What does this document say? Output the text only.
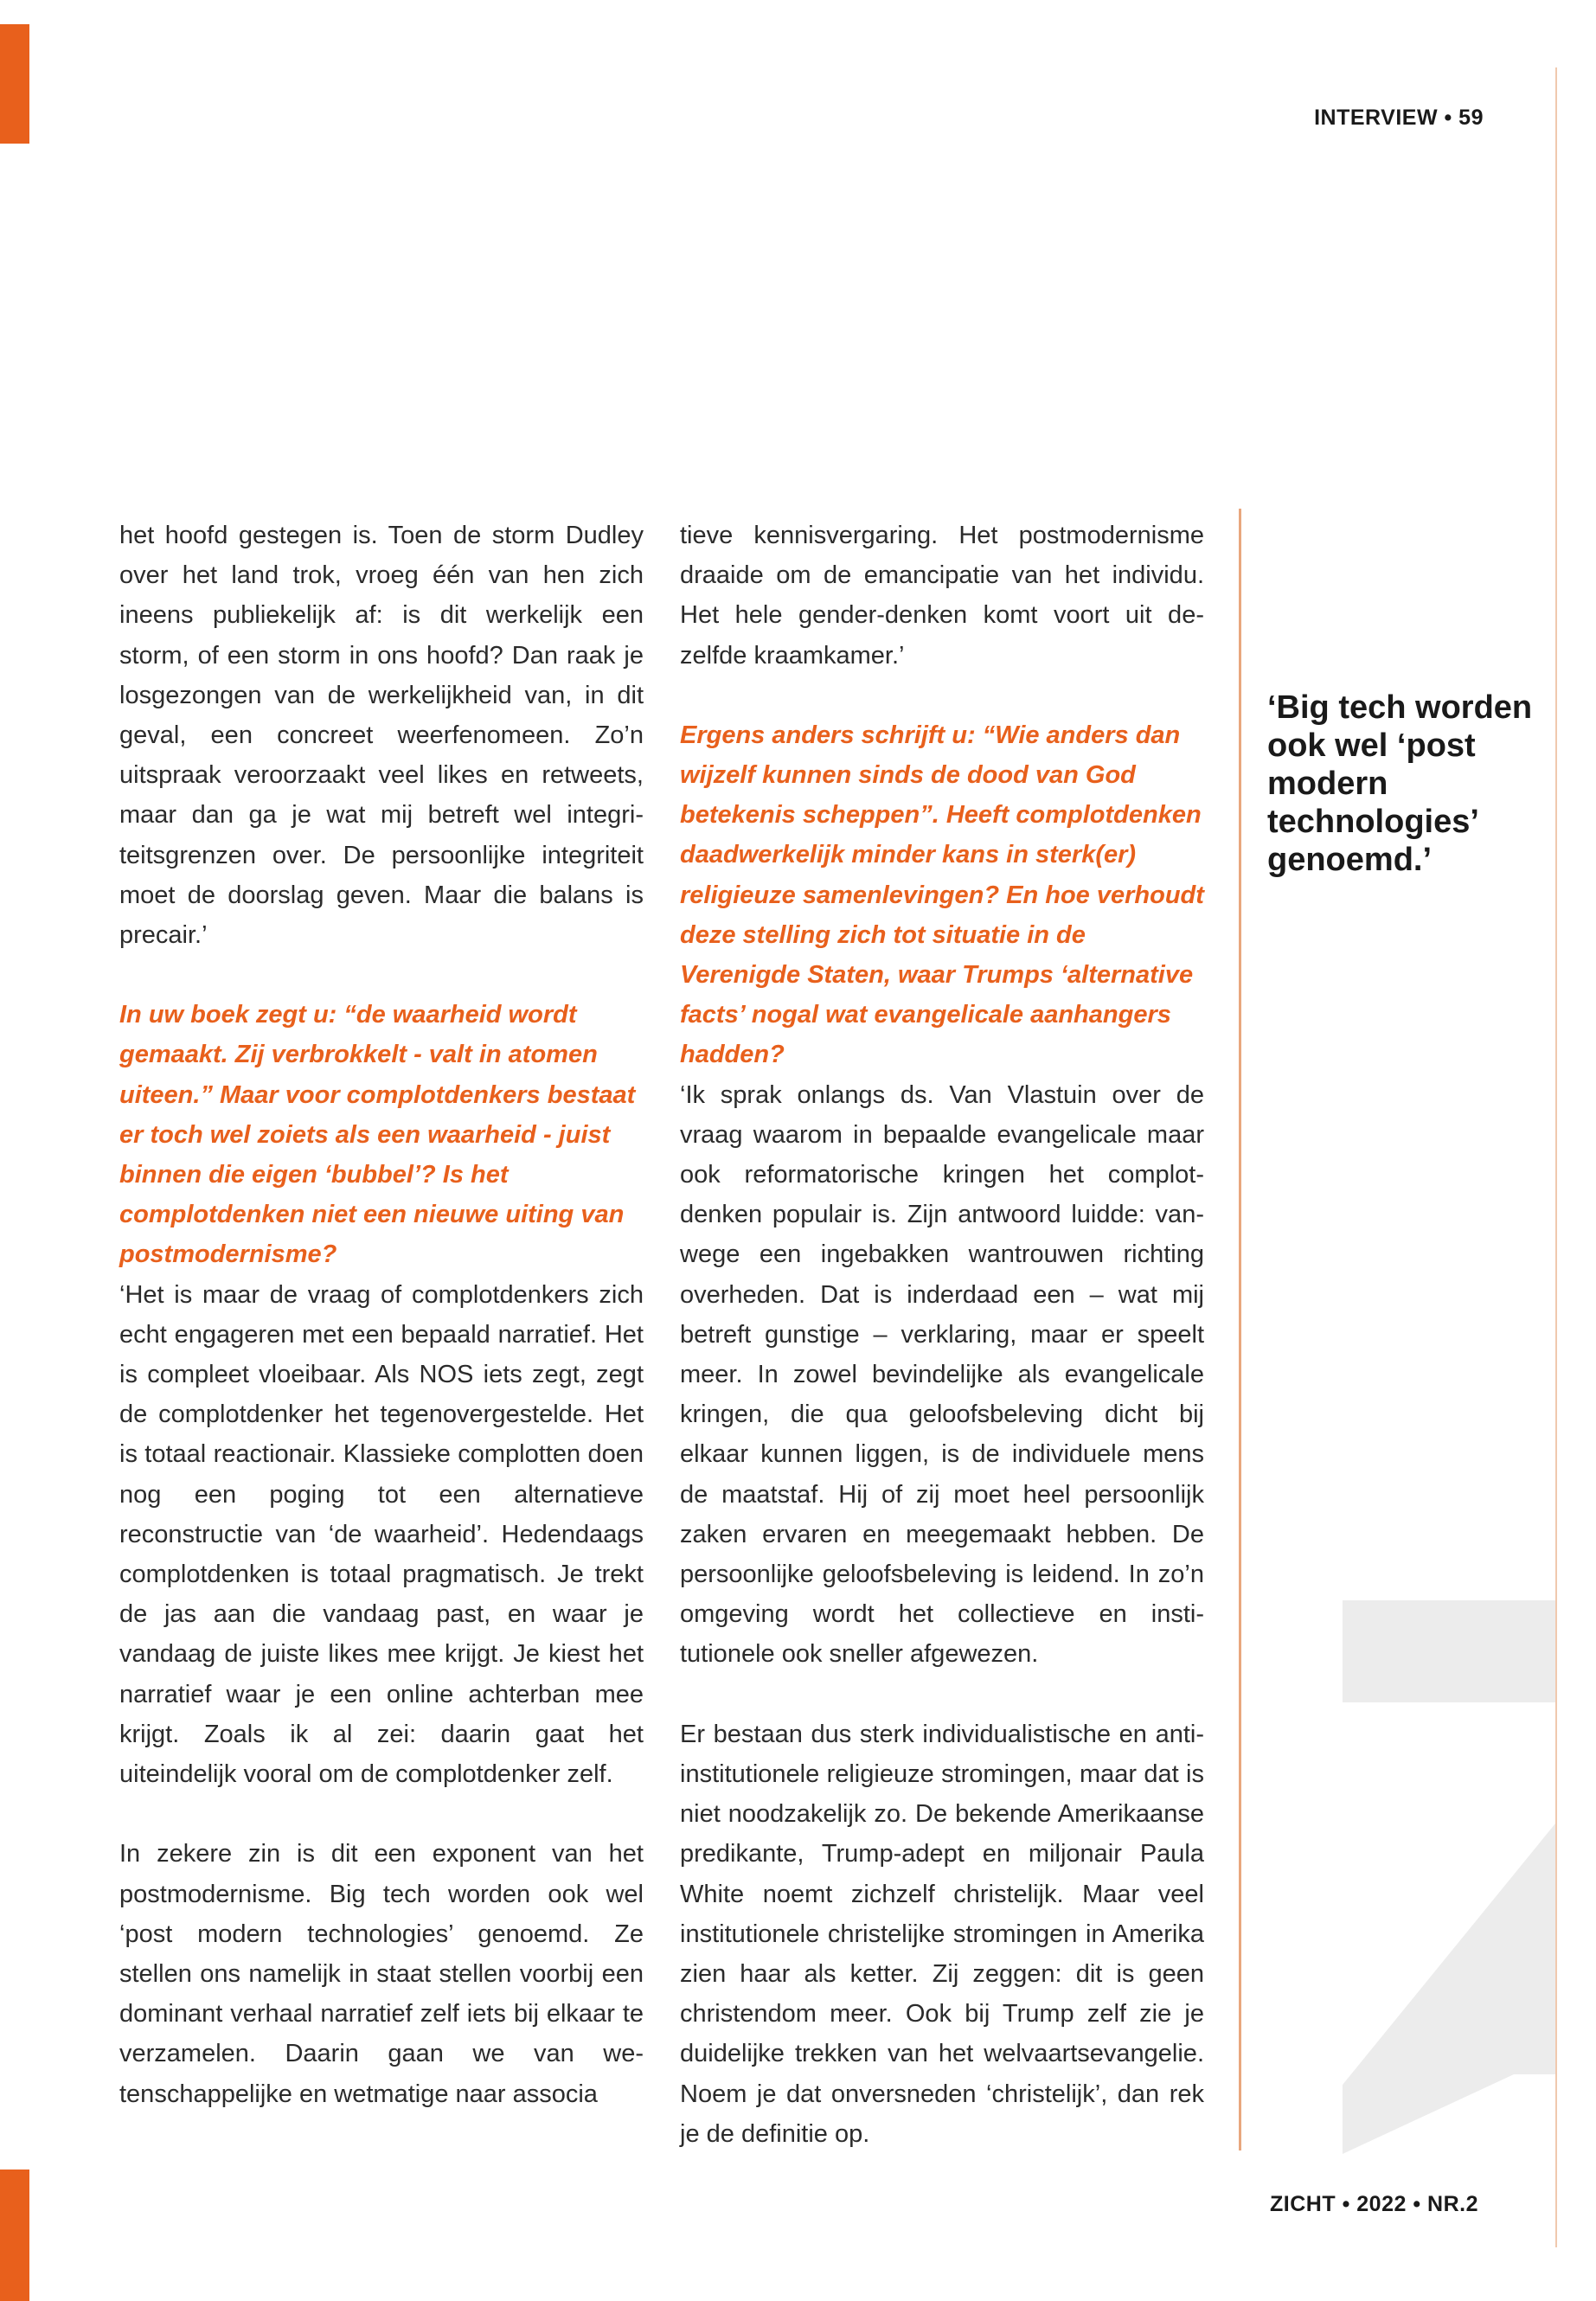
INTERVIEW • 59

het hoofd gestegen is. Toen de storm Dudley over het land trok, vroeg één van hen zich ineens publiekelijk af: is dit werkelijk een storm, of een storm in ons hoofd? Dan raak je losgezongen van de werkelijkheid van, in dit geval, een concreet weerfenomeen. Zo’n uitspraak veroorzaakt veel likes en retweets, maar dan ga je wat mij betreft wel integriteitsgrenzen over. De persoonlijke integriteit moet de doorslag geven. Maar die balans is precair.’

In uw boek zegt u: “de waarheid wordt gemaakt. Zij verbrokkelt - valt in atomen uiteen.” Maar voor complotdenkers bestaat er toch wel zoiets als een waarheid - juist binnen die eigen ‘bubbel’? Is het complotdenken niet een nieuwe uiting van postmodernisme?

‘Het is maar de vraag of complotdenkers zich echt engageren met een bepaald narratief. Het is compleet vloeibaar. Als NOS iets zegt, zegt de complotdenker het tegenovergestelde. Het is totaal reactionair. Klassieke complotten doen nog een poging tot een alternatieve reconstructie van ‘de waarheid’. Hedendaags complotdenken is totaal pragmatisch. Je trekt de jas aan die vandaag past, en waar je vandaag de juiste likes mee krijgt. Je kiest het narratief waar je een online achterban mee krijgt. Zoals ik al zei: daarin gaat het uiteindelijk vooral om de complotdenker zelf.

In zekere zin is dit een exponent van het postmodernisme. Big tech worden ook wel ‘post modern technologies’ genoemd. Ze stellen ons namelijk in staat stellen voorbij een dominant verhaal narratief zelf iets bij elkaar te verzamelen. Daarin gaan we van wetenschappelijke en wetmatige naar associa

tieve kennisvergaring. Het postmodernisme draaide om de emancipatie van het individu. Het hele gender-denken komt voort uit dezelfde kraamkamer.’

Ergens anders schrijft u: “Wie anders dan wijzelf kunnen sinds de dood van God betekenis scheppen”. Heeft complotdenken daadwerkelijk minder kans in sterk(er) religieuze samenlevingen? En hoe verhoudt deze stelling zich tot situatie in de Verenigde Staten, waar Trumps ‘alternative facts’ nogal wat evangelicale aanhangers hadden?

‘Ik sprak onlangs ds. Van Vlastuin over de vraag waarom in bepaalde evangelicale maar ook reformatorische kringen het complotdenken populair is. Zijn antwoord luidde: vanwege een ingebakken wantrouwen richting overheden. Dat is inderdaad een – wat mij betreft gunstige – verklaring, maar er speelt meer. In zowel bevindelijke als evangelicale kringen, die qua geloofsbeleving dicht bij elkaar kunnen liggen, is de individuele mens de maatstaf. Hij of zij moet heel persoonlijk zaken ervaren en meegemaakt hebben. De persoonlijke geloofsbeleving is leidend. In zo’n omgeving wordt het collectieve en institutionele ook sneller afgewezen.

Er bestaan dus sterk individualistische en anti-institutionele religieuze stromingen, maar dat is niet noodzakelijk zo. De bekende Amerikaanse predikante, Trump-adept en miljonair Paula White noemt zichzelf christelijk. Maar veel institutionele christelijke stromingen in Amerika zien haar als ketter. Zij zeggen: dit is geen christendom meer. Ook bij Trump zelf zie je duidelijke trekken van het welvaartsevangelie. Noem je dat onversneden ‘christelijk’, dan rek je de definitie op.

‘Big tech worden ook wel ‘post modern technologies’ genoemd.’
ZICHT • 2022 • NR.2
